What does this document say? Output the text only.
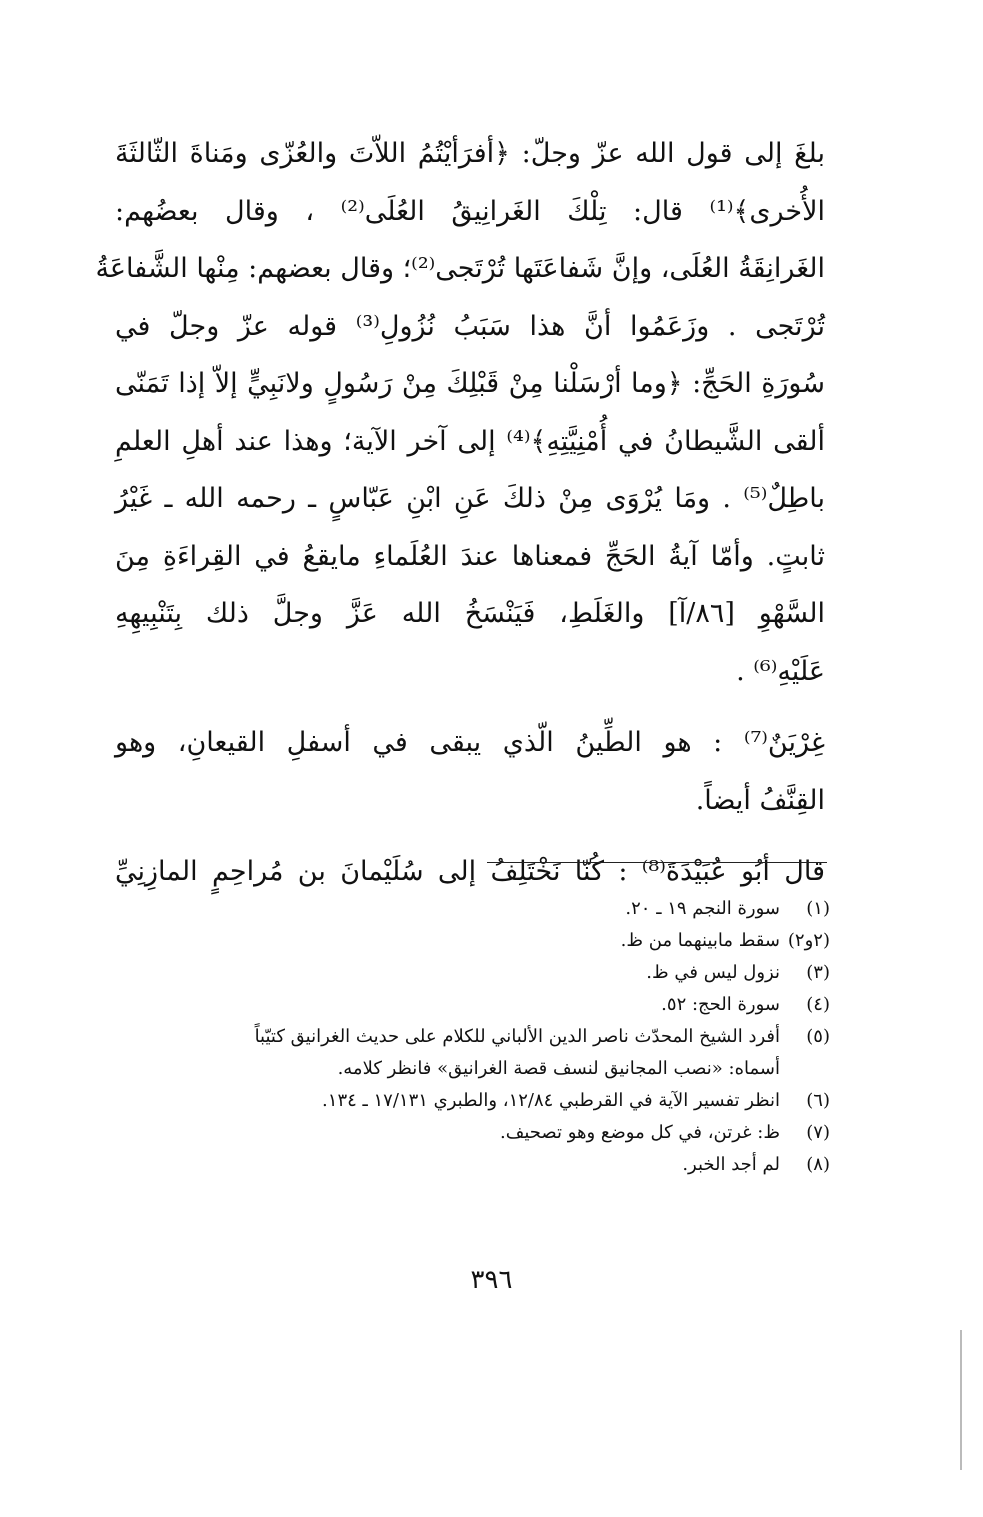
بلغَ إلى قول الله عزّ وجلّ: ﴿أفرَأيْتُمُ اللاّتَ والعُزّى ومَناةَ الثّالثَةَ
الأُخرى﴾⁽¹⁾ قال: تِلْكَ الغَرانِيقُ العُلَى⁽²⁾ ، وقال بعضُهم:
الغَرانِقَةُ العُلَى، وإنَّ شَفاعَتَها تُرْتَجى⁽²⁾؛ وقال بعضهم: مِنْها الشَّفاعَةُ
تُرْتَجى . وزَعَمُوا أنَّ هذا سَبَبُ نُزُولِ⁽³⁾ قوله عزّ وجلّ في
سُورَةِ الحَجِّ: ﴿وما أرْسَلْنا مِنْ قَبْلِكَ مِنْ رَسُولٍ ولانَبِيٍّ إلاّ إذا تَمَنّى
ألقى الشَّيطانُ في أُمْنِيَّتِهِ﴾⁽⁴⁾ إلى آخر الآية؛ وهذا عند أهلِ العلمِ
باطِلٌ⁽⁵⁾ . ومَا يُرْوَى مِنْ ذلكَ عَنِ ابْنِ عَبّاسٍ ـ رحمه الله ـ غَيْرُ
ثابتٍ. وأمّا آيةُ الحَجِّ فمعناها عندَ العُلَماءِ مايقعُ في القِراءَةِ مِنَ
السَّهْوِ [٨٦/آ] والغَلَطِ، فَيَنْسَخُ الله عَزَّ وجلَّ ذلك بِتَنْبِيهِهِ
عَلَيْهِ⁽⁶⁾ .

غِرْيَنٌ⁽⁷⁾ : هو الطِّينُ الّذي يبقى في أسفلِ القيعانِ، وهو
القِنَّفُ أيضاً.

قال أبُو عُبَيْدَةَ⁽⁸⁾ : كُنّا نَخْتَلِفُ إلى سُلَيْمانَ بن مُراحِمٍ المازِنِيِّ

(١)
سورة النجم ١٩ ـ ٢٠.
(٢و٢)
سقط مابينهما من ظ.
(٣)
نزول ليس في ظ.
(٤)
سورة الحج: ٥٢.
(٥)
أفرد الشيخ المحدّث ناصر الدين الألباني للكلام على حديث الغرانيق كتيّباً
أسماه: «نصب المجانيق لنسف قصة الغرانيق» فانظر كلامه.
(٦)
انظر تفسير الآية في القرطبي ١٢/٨٤، والطبري ١٧/١٣١ ـ ١٣٤.
(٧)
ظ: غرتن، في كل موضع وهو تصحيف.
(٨)
لم أجد الخبر.
٣٩٦
